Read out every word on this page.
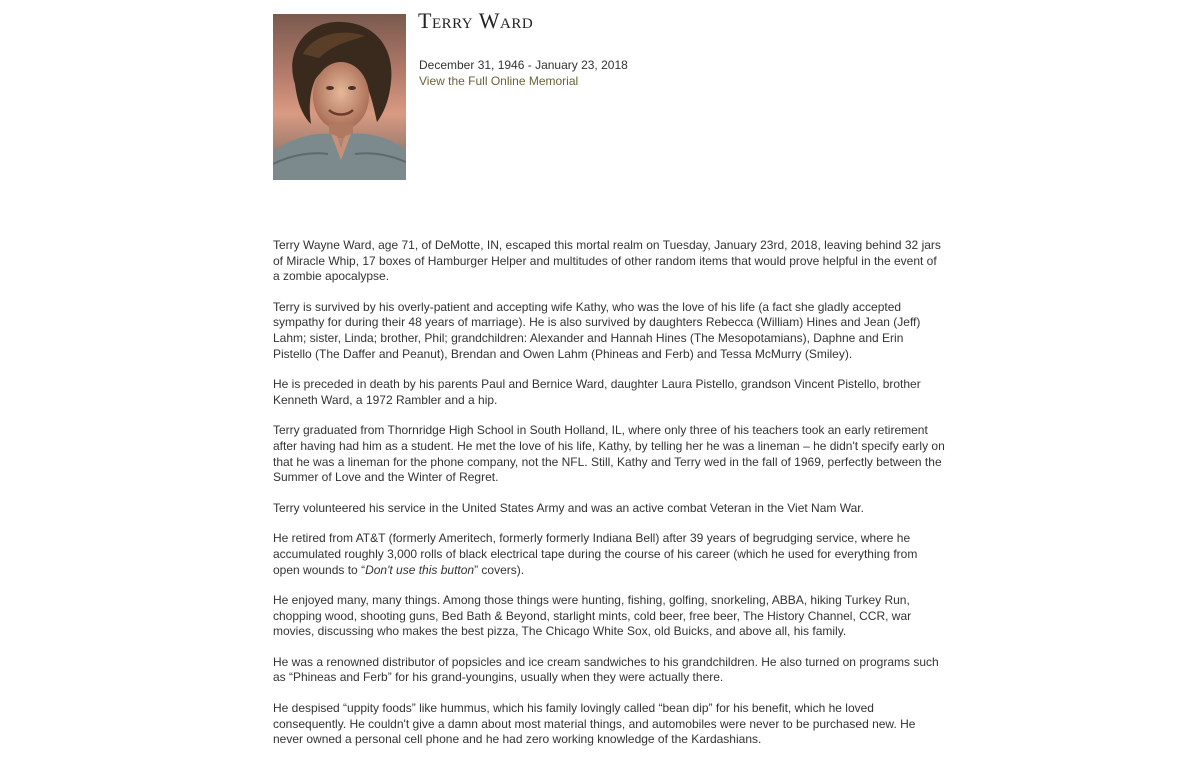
Terry Ward
December 31, 1946 - January 23, 2018
View the Full Online Memorial

Terry Wayne Ward, age 71, of DeMotte, IN, escaped this mortal realm on Tuesday, January 23rd, 2018, leaving behind 32 jars of Miracle Whip, 17 boxes of Hamburger Helper and multitudes of other random items that would prove helpful in the event of a zombie apocalypse.

Terry is survived by his overly-patient and accepting wife Kathy, who was the love of his life (a fact she gladly accepted sympathy for during their 48 years of marriage). He is also survived by daughters Rebecca (William) Hines and Jean (Jeff) Lahm; sister, Linda; brother, Phil; grandchildren: Alexander and Hannah Hines (The Mesopotamians), Daphne and Erin Pistello (The Daffer and Peanut), Brendan and Owen Lahm (Phineas and Ferb) and Tessa McMurry (Smiley).

He is preceded in death by his parents Paul and Bernice Ward, daughter Laura Pistello, grandson Vincent Pistello, brother Kenneth Ward, a 1972 Rambler and a hip.

Terry graduated from Thornridge High School in South Holland, IL, where only three of his teachers took an early retirement after having had him as a student. He met the love of his life, Kathy, by telling her he was a lineman – he didn't specify early on that he was a lineman for the phone company, not the NFL. Still, Kathy and Terry wed in the fall of 1969, perfectly between the Summer of Love and the Winter of Regret.

Terry volunteered his service in the United States Army and was an active combat Veteran in the Viet Nam War.

He retired from AT&T (formerly Ameritech, formerly formerly Indiana Bell) after 39 years of begrudging service, where he accumulated roughly 3,000 rolls of black electrical tape during the course of his career (which he used for everything from open wounds to “Don't use this button” covers).

He enjoyed many, many things. Among those things were hunting, fishing, golfing, snorkeling, ABBA, hiking Turkey Run, chopping wood, shooting guns, Bed Bath & Beyond, starlight mints, cold beer, free beer, The History Channel, CCR, war movies, discussing who makes the best pizza, The Chicago White Sox, old Buicks, and above all, his family.

He was a renowned distributor of popsicles and ice cream sandwiches to his grandchildren. He also turned on programs such as “Phineas and Ferb” for his grand-youngins, usually when they were actually there.

He despised “uppity foods” like hummus, which his family lovingly called “bean dip” for his benefit, which he loved consequently. He couldn't give a damn about most material things, and automobiles were never to be purchased new. He never owned a personal cell phone and he had zero working knowledge of the Kardashians.
